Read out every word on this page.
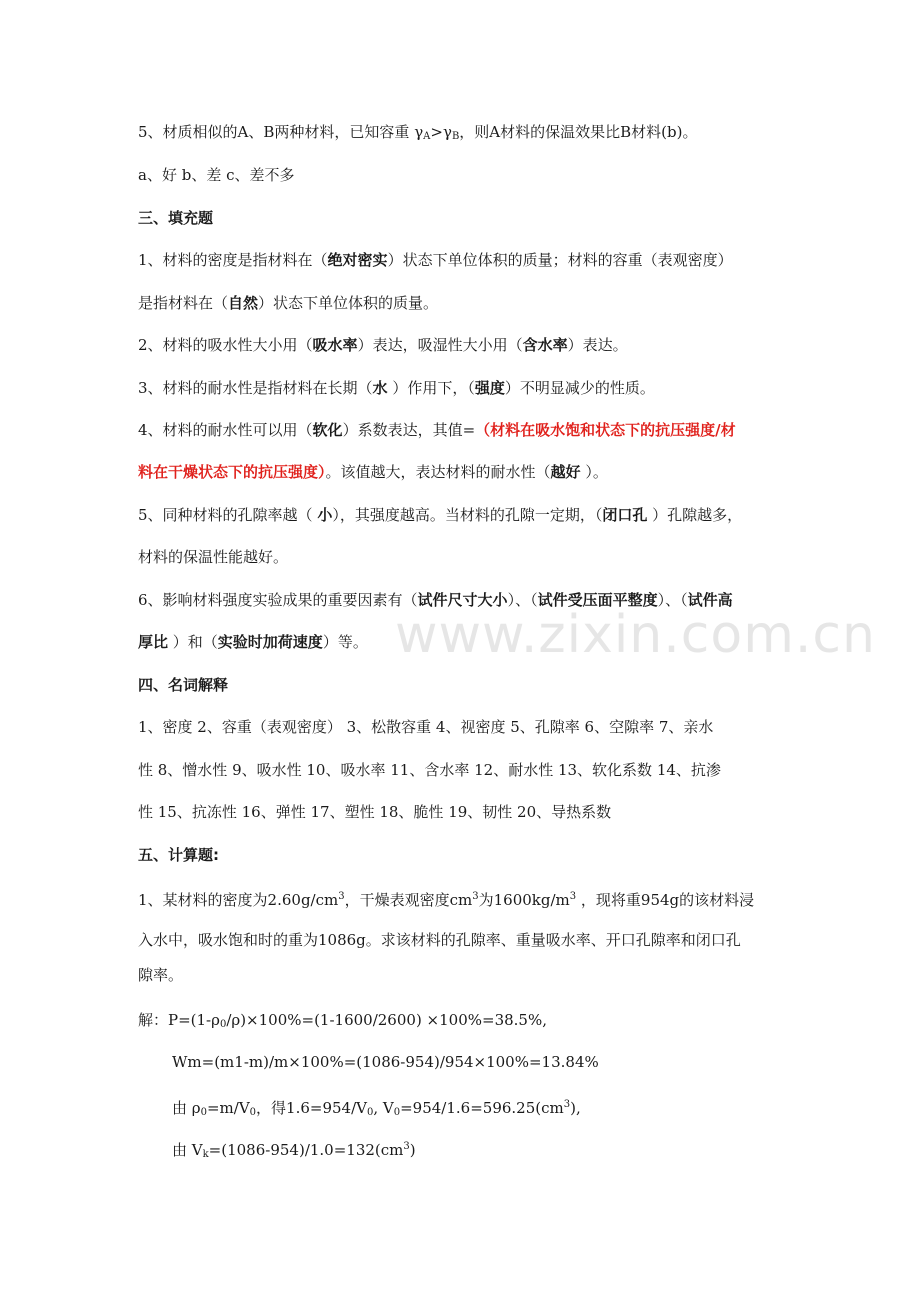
www.zixin.com.cn
5、材质相似的A、B两种材料，已知容重 $\gamma_A>\gamma_B$，则A材料的保温效果比B材料(b)。
a、好 b、差 c、差不多
三、填充题
1、材料的密度是指材料在（绝对密实）状态下单位体积的质量；材料的容重（表观密度）
是指材料在（自然）状态下单位体积的质量。
2、材料的吸水性大小用（吸水率）表达，吸湿性大小用（含水率）表达。
3、材料的耐水性是指材料在长期（水 ）作用下，（强度）不明显减少的性质。
4、材料的耐水性可以用（软化）系数表达，其值=（材料在吸水饱和状态下的抗压强度/材
料在干燥状态下的抗压强度）。该值越大，表达材料的耐水性（越好 ）。
5、同种材料的孔隙率越（ 小），其强度越高。当材料的孔隙一定期，（闭口孔 ）孔隙越多，
材料的保温性能越好。
6、影响材料强度实验成果的重要因素有（试件尺寸大小）、（试件受压面平整度）、（试件高
厚比 ）和（实验时加荷速度）等。
四、名词解释
1、密度 2、容重（表观密度） 3、松散容重 4、视密度 5、孔隙率 6、空隙率 7、亲水
性 8、憎水性 9、吸水性 10、吸水率 11、含水率 12、耐水性 13、软化系数 14、抗渗
性 15、抗冻性 16、弹性 17、塑性 18、脆性 19、韧性 20、导热系数
五、计算题:
1、某材料的密度为$2.60g/cm^3$，干燥表观密度$cm^3$为$1600kg/m^3$ ，现将重954g的该材料浸
入水中，吸水饱和时的重为1086g。求该材料的孔隙率、重量吸水率、开口孔隙率和闭口孔
隙率。
解：$P=(1-\rho_0/\rho)\times 100\%=(1-1600/2600) \times 100\%=38.5\%$,
Wm=(m1-m)/m×100%=(1086-954)/954×100%=13.84%
由 $\rho_0=m/V_0$，得$1.6=954/V_0$, $V_0=954/1.6=596.25(cm^3)$,
由 $V_k=(1086-954)/1.0=132(cm^3)$
